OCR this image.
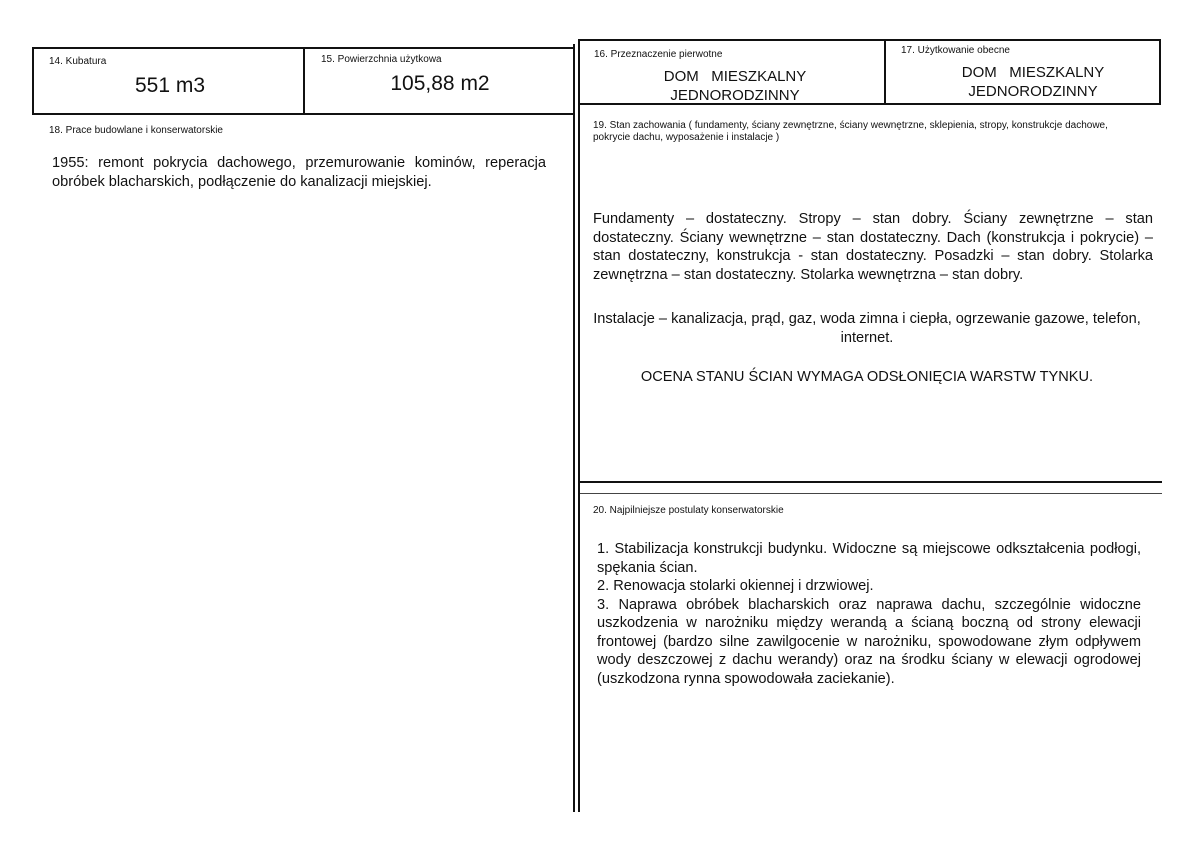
14. Kubatura
551 m3
15. Powierzchnia użytkowa
105,88 m2
16. Przeznaczenie pierwotne
DOM   MIESZKALNY
JEDNORODZINNY
17. Użytkowanie obecne
DOM   MIESZKALNY
JEDNORODZINNY
18. Prace budowlane i konserwatorskie
1955: remont pokrycia dachowego, przemurowanie kominów, reperacja obróbek blacharskich, podłączenie do kanalizacji miejskiej.
19. Stan zachowania ( fundamenty, ściany zewnętrzne, ściany wewnętrzne, sklepienia, stropy, konstrukcje dachowe, pokrycie dachu, wyposażenie i instalacje )
Fundamenty – dostateczny. Stropy – stan dobry. Ściany zewnętrzne – stan dostateczny. Ściany wewnętrzne – stan dostateczny. Dach (konstrukcja i pokrycie) – stan dostateczny, konstrukcja - stan dostateczny. Posadzki – stan dobry. Stolarka zewnętrzna – stan dostateczny. Stolarka wewnętrzna – stan dobry.
Instalacje – kanalizacja, prąd, gaz, woda zimna i ciepła, ogrzewanie gazowe, telefon, internet.
OCENA STANU ŚCIAN WYMAGA ODSŁONIĘCIA WARSTW TYNKU.
20. Najpilniejsze postulaty konserwatorskie
1. Stabilizacja konstrukcji budynku. Widoczne są miejscowe odkształcenia podłogi, spękania ścian.
2. Renowacja stolarki okiennej i drzwiowej.
3. Naprawa obróbek blacharskich oraz naprawa dachu, szczególnie widoczne uszkodzenia w narożniku między werandą a ścianą boczną od strony elewacji frontowej (bardzo silne zawilgocenie w narożniku, spowodowane złym odpływem wody deszczowej z dachu werandy) oraz na środku ściany w elewacji ogrodowej (uszkodzona rynna spowodowała zaciekanie).
